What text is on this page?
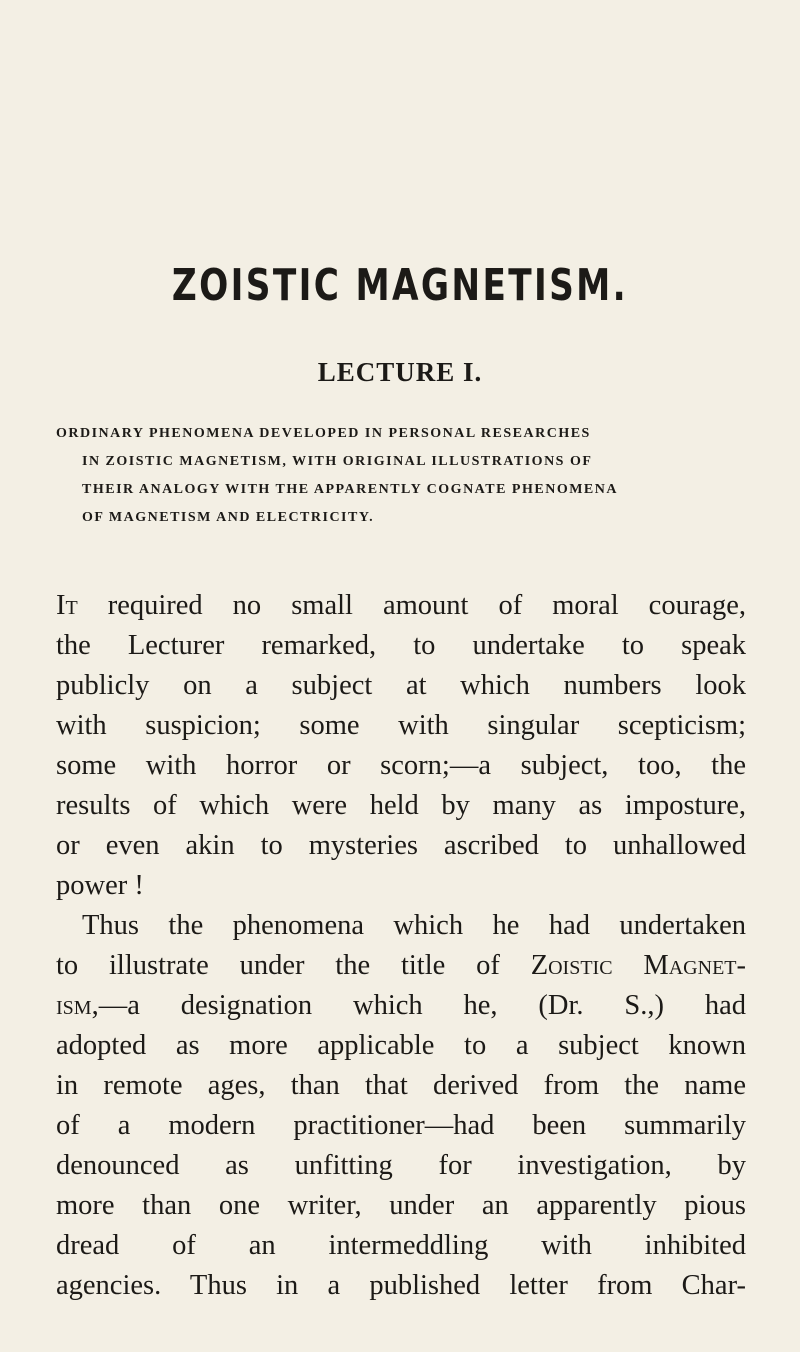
ZOISTIC MAGNETISM.
LECTURE I.

ORDINARY PHENOMENA DEVELOPED IN PERSONAL RESEARCHES
IN ZOISTIC MAGNETISM, WITH ORIGINAL ILLUSTRATIONS OF
THEIR ANALOGY WITH THE APPARENTLY COGNATE PHENOMENA
OF MAGNETISM AND ELECTRICITY.

It required no small amount of moral courage,
the Lecturer remarked, to undertake to speak
publicly on a subject at which numbers look
with suspicion; some with singular scepticism;
some with horror or scorn;—a subject, too, the
results of which were held by many as imposture,
or even akin to mysteries ascribed to unhallowed
power !
Thus the phenomena which he had undertaken
to illustrate under the title of Zoistic Magnet-
ism,—a designation which he, (Dr. S.,) had
adopted as more applicable to a subject known
in remote ages, than that derived from the name
of a modern practitioner—had been summarily
denounced as unfitting for investigation, by
more than one writer, under an apparently pious
dread of an intermeddling with inhibited
agencies. Thus in a published letter from Char-
